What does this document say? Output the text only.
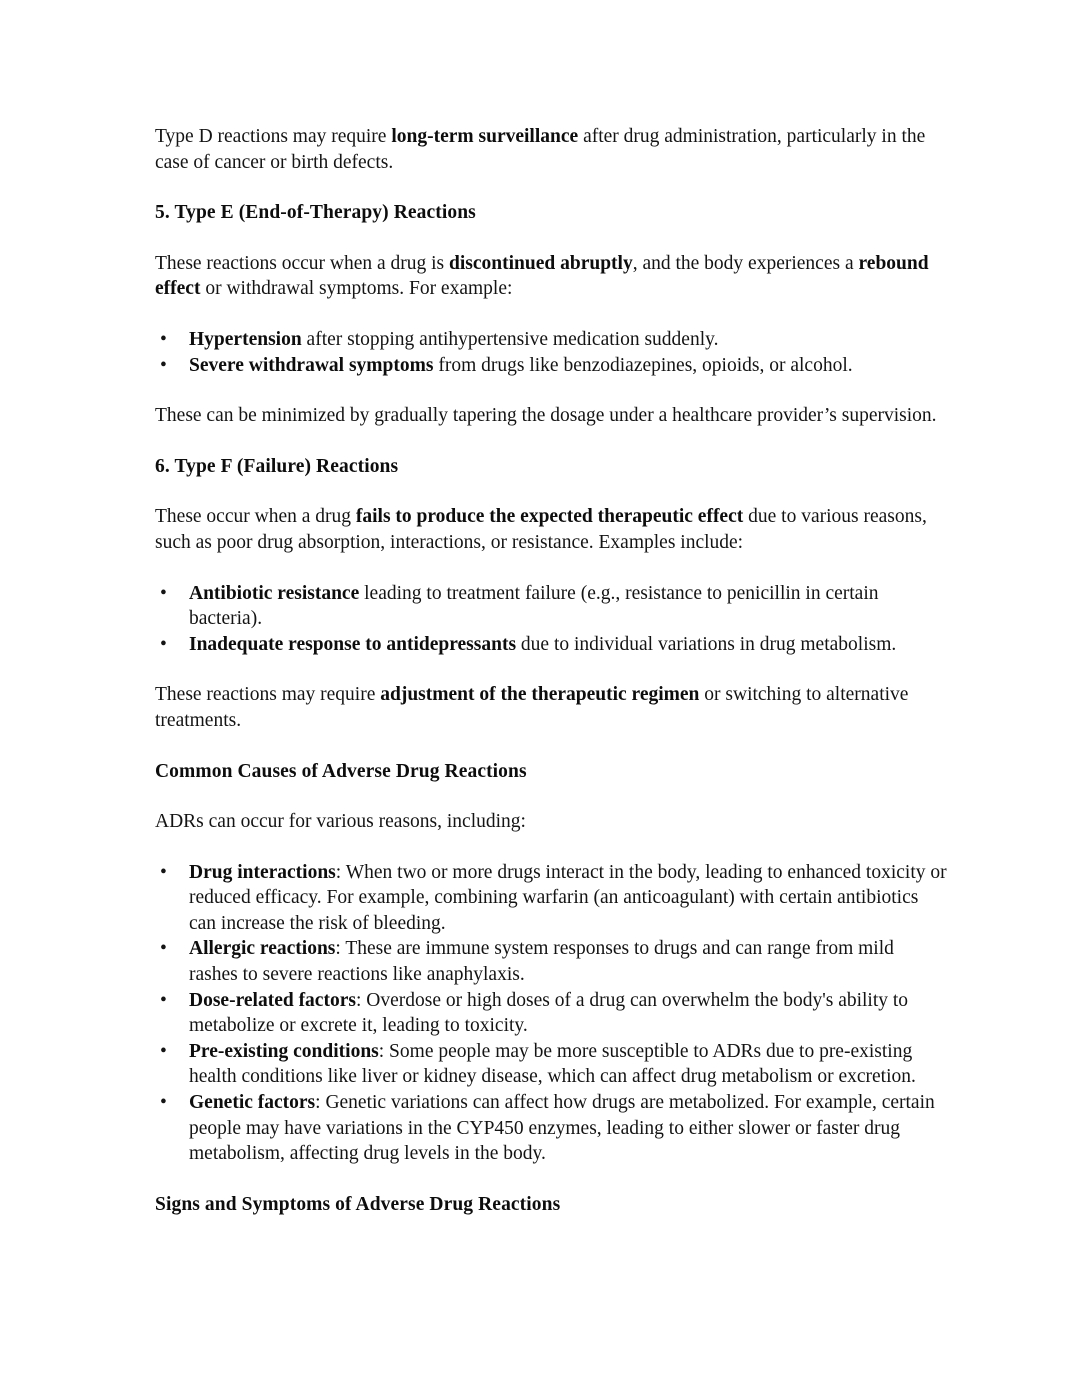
Type D reactions may require long-term surveillance after drug administration, particularly in the case of cancer or birth defects.

5. Type E (End-of-Therapy) Reactions

These reactions occur when a drug is discontinued abruptly, and the body experiences a rebound effect or withdrawal symptoms. For example:

• Hypertension after stopping antihypertensive medication suddenly.
• Severe withdrawal symptoms from drugs like benzodiazepines, opioids, or alcohol.

These can be minimized by gradually tapering the dosage under a healthcare provider’s supervision.

6. Type F (Failure) Reactions

These occur when a drug fails to produce the expected therapeutic effect due to various reasons, such as poor drug absorption, interactions, or resistance. Examples include:

• Antibiotic resistance leading to treatment failure (e.g., resistance to penicillin in certain bacteria).
• Inadequate response to antidepressants due to individual variations in drug metabolism.

These reactions may require adjustment of the therapeutic regimen or switching to alternative treatments.

Common Causes of Adverse Drug Reactions

ADRs can occur for various reasons, including:

• Drug interactions: When two or more drugs interact in the body, leading to enhanced toxicity or reduced efficacy. For example, combining warfarin (an anticoagulant) with certain antibiotics can increase the risk of bleeding.
• Allergic reactions: These are immune system responses to drugs and can range from mild rashes to severe reactions like anaphylaxis.
• Dose-related factors: Overdose or high doses of a drug can overwhelm the body's ability to metabolize or excrete it, leading to toxicity.
• Pre-existing conditions: Some people may be more susceptible to ADRs due to pre-existing health conditions like liver or kidney disease, which can affect drug metabolism or excretion.
• Genetic factors: Genetic variations can affect how drugs are metabolized. For example, certain people may have variations in the CYP450 enzymes, leading to either slower or faster drug metabolism, affecting drug levels in the body.
Signs and Symptoms of Adverse Drug Reactions
